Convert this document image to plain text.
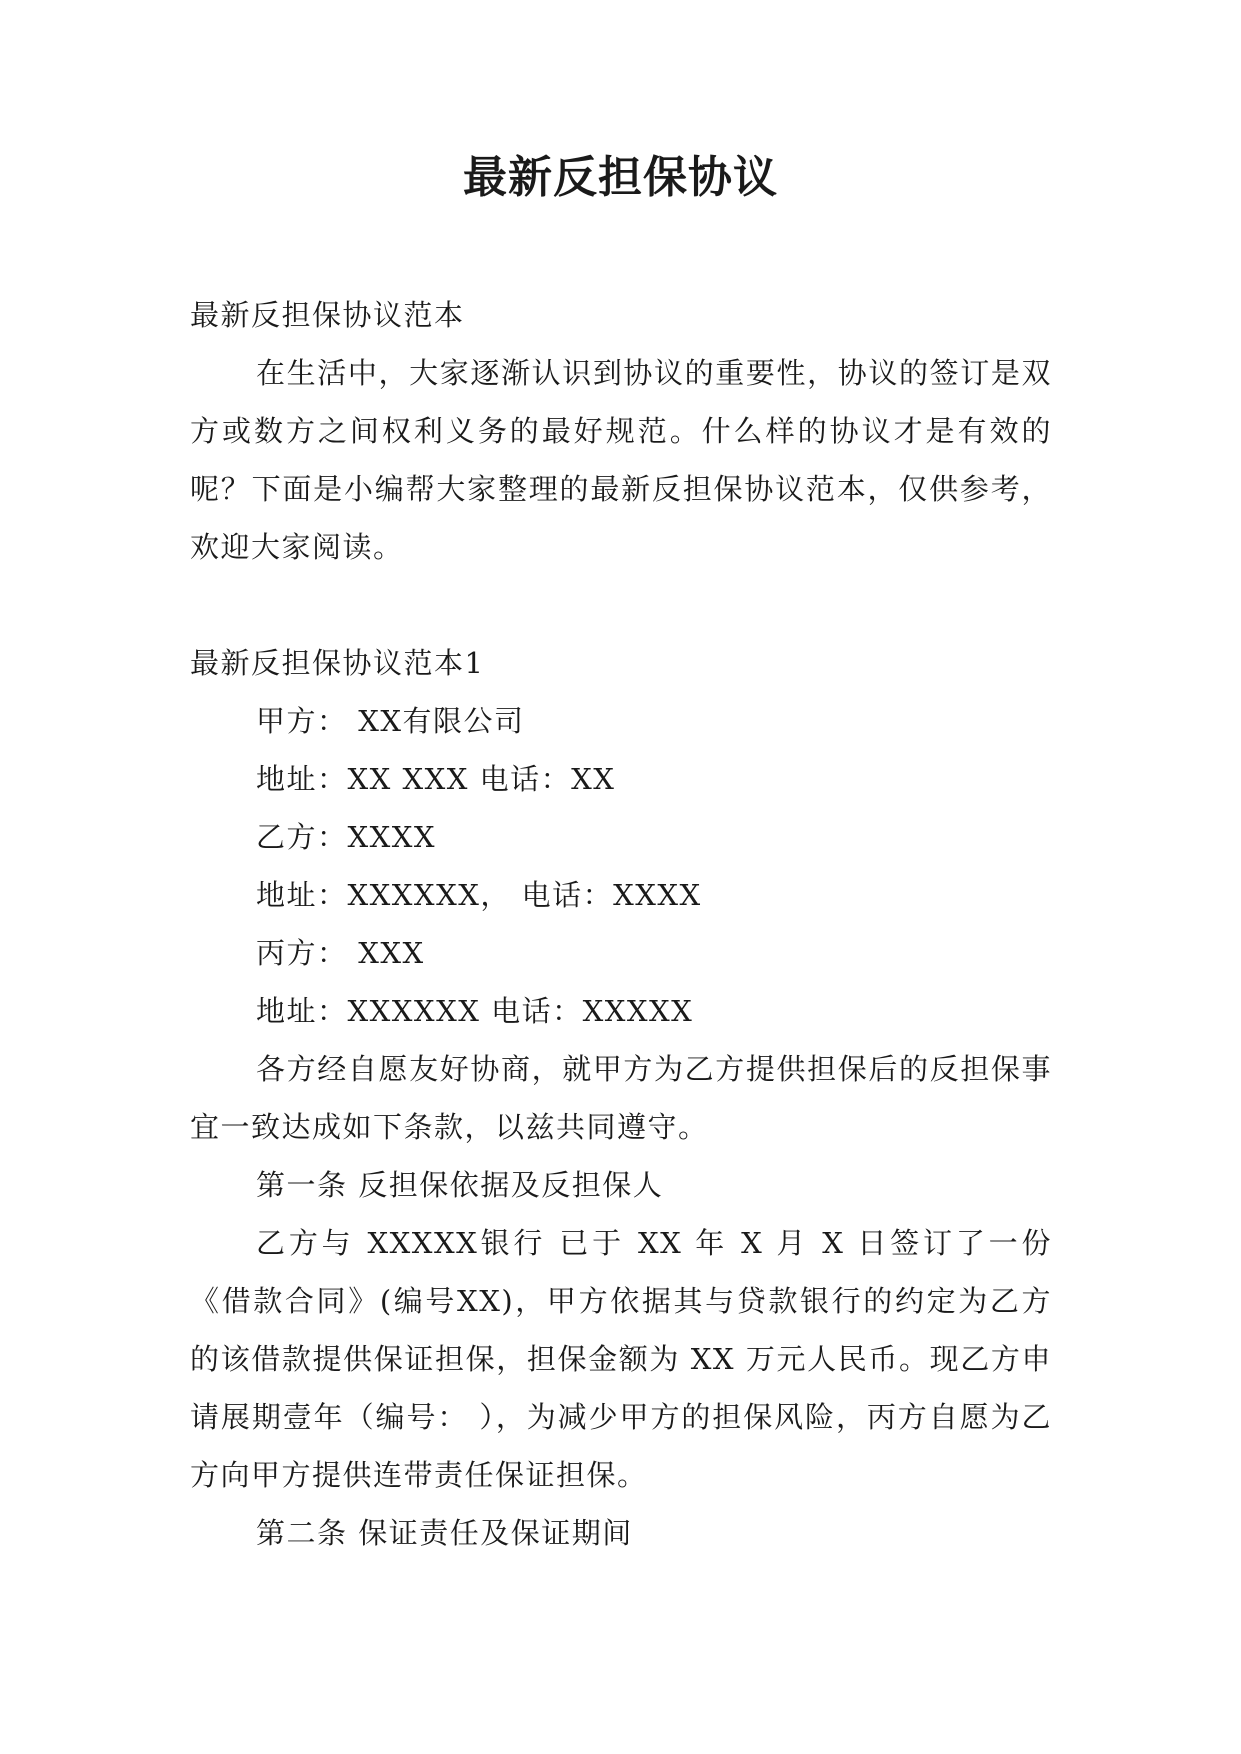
最新反担保协议

最新反担保协议范本

在生活中，大家逐渐认识到协议的重要性，协议的签订是双方或数方之间权利义务的最好规范。什么样的协议才是有效的呢？下面是小编帮大家整理的最新反担保协议范本，仅供参考，欢迎大家阅读。

最新反担保协议范本1

甲方： XX有限公司

地址：XX XXX 电话：XX

乙方：XXXX

地址：XXXXXX， 电话：XXXX

丙方： XXX

地址：XXXXXX 电话：XXXXX

各方经自愿友好协商，就甲方为乙方提供担保后的反担保事宜一致达成如下条款，以兹共同遵守。

第一条 反担保依据及反担保人

乙方与 XXXXX银行 已于 XX 年 X 月 X 日签订了一份《借款合同》(编号XX)，甲方依据其与贷款银行的约定为乙方的该借款提供保证担保，担保金额为 XX 万元人民币。现乙方申请展期壹年（编号： ），为减少甲方的担保风险，丙方自愿为乙方向甲方提供连带责任保证担保。

第二条 保证责任及保证期间
